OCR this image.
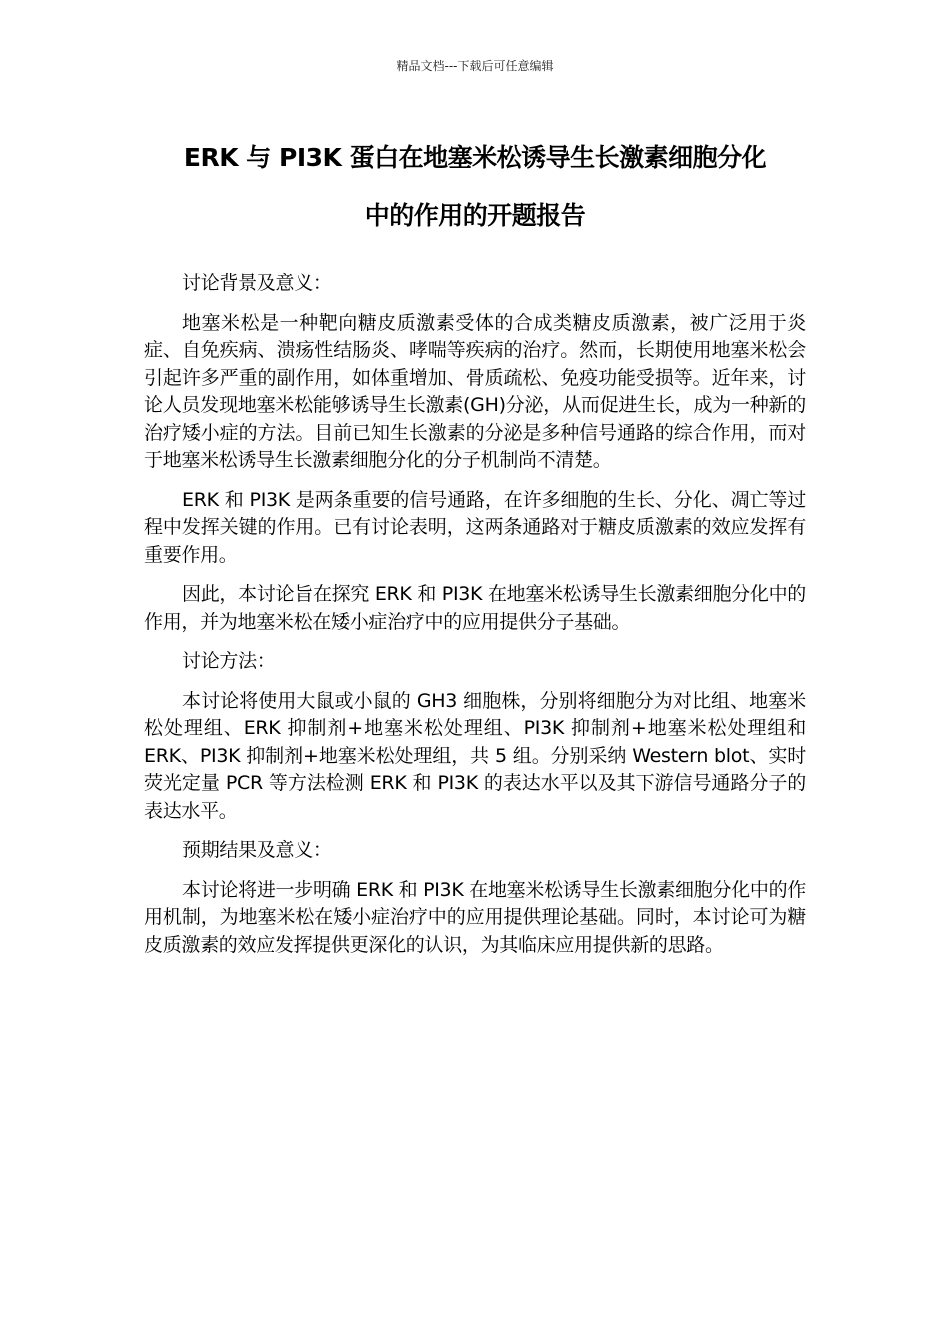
精品文档---下载后可任意编辑
ERK 与 PI3K 蛋白在地塞米松诱导生长激素细胞分化
中的作用的开题报告

讨论背景及意义：

地塞米松是一种靶向糖皮质激素受体的合成类糖皮质激素，被广泛用于炎症、自免疾病、溃疡性结肠炎、哮喘等疾病的治疗。然而，长期使用地塞米松会引起许多严重的副作用，如体重增加、骨质疏松、免疫功能受损等。近年来，讨论人员发现地塞米松能够诱导生长激素(GH)分泌，从而促进生长，成为一种新的治疗矮小症的方法。目前已知生长激素的分泌是多种信号通路的综合作用，而对于地塞米松诱导生长激素细胞分化的分子机制尚不清楚。

ERK 和 PI3K 是两条重要的信号通路，在许多细胞的生长、分化、凋亡等过程中发挥关键的作用。已有讨论表明，这两条通路对于糖皮质激素的效应发挥有重要作用。

因此，本讨论旨在探究 ERK 和 PI3K 在地塞米松诱导生长激素细胞分化中的作用，并为地塞米松在矮小症治疗中的应用提供分子基础。

讨论方法：

本讨论将使用大鼠或小鼠的 GH3 细胞株，分别将细胞分为对比组、地塞米松处理组、ERK 抑制剂+地塞米松处理组、PI3K 抑制剂+地塞米松处理组和 ERK、PI3K 抑制剂+地塞米松处理组，共 5 组。分别采纳 Western blot、实时荧光定量 PCR 等方法检测 ERK 和 PI3K 的表达水平以及其下游信号通路分子的表达水平。

预期结果及意义：

本讨论将进一步明确 ERK 和 PI3K 在地塞米松诱导生长激素细胞分化中的作用机制，为地塞米松在矮小症治疗中的应用提供理论基础。同时，本讨论可为糖皮质激素的效应发挥提供更深化的认识，为其临床应用提供新的思路。
